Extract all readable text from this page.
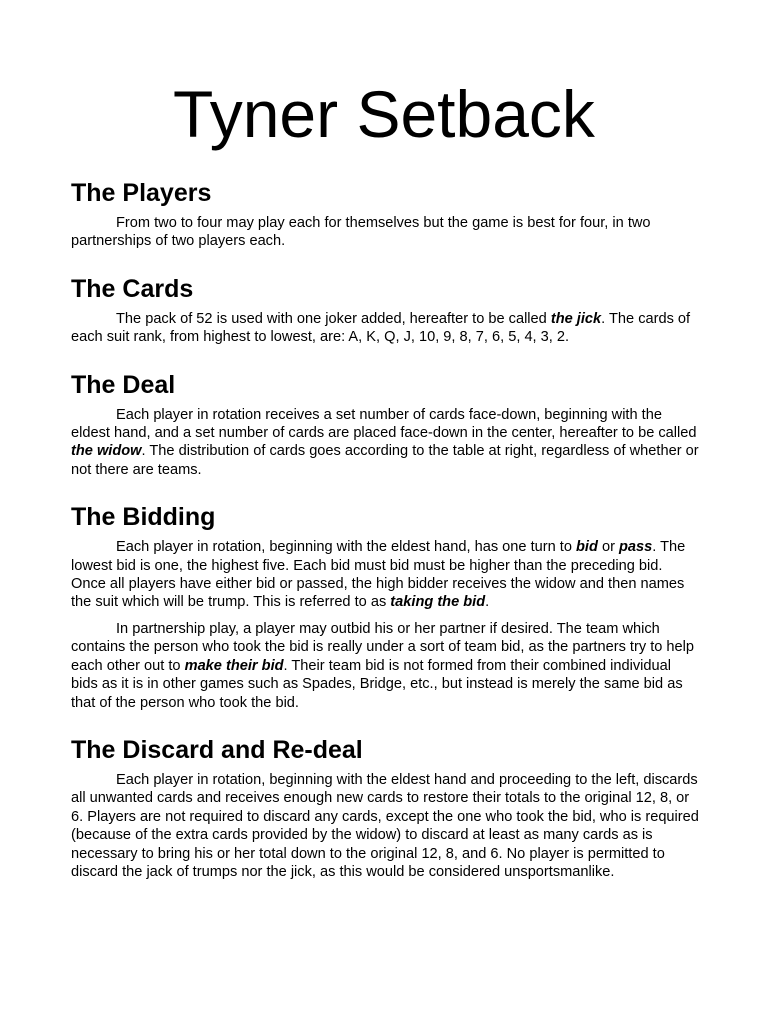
Tyner Setback
The Players

From two to four may play each for themselves but the game is best for four, in two partnerships of two players each.

The Cards

The pack of 52 is used with one joker added, hereafter to be called the jick. The cards of each suit rank, from highest to lowest, are: A, K, Q, J, 10, 9, 8, 7, 6, 5, 4, 3, 2.

The Deal

Each player in rotation receives a set number of cards face-down, beginning with the eldest hand, and a set number of cards are placed face-down in the center, hereafter to be called the widow. The distribution of cards goes according to the table at right, regardless of whether or not there are teams.

The Bidding

Each player in rotation, beginning with the eldest hand, has one turn to bid or pass. The lowest bid is one, the highest five. Each bid must bid must be higher than the preceding bid. Once all players have either bid or passed, the high bidder receives the widow and then names the suit which will be trump. This is referred to as taking the bid.

In partnership play, a player may outbid his or her partner if desired. The team which contains the person who took the bid is really under a sort of team bid, as the partners try to help each other out to make their bid. Their team bid is not formed from their combined individual bids as it is in other games such as Spades, Bridge, etc., but instead is merely the same bid as that of the person who took the bid.

The Discard and Re-deal

Each player in rotation, beginning with the eldest hand and proceeding to the left, discards all unwanted cards and receives enough new cards to restore their totals to the original 12, 8, or 6. Players are not required to discard any cards, except the one who took the bid, who is required (because of the extra cards provided by the widow) to discard at least as many cards as is necessary to bring his or her total down to the original 12, 8, and 6. No player is permitted to discard the jack of trumps nor the jick, as this would be considered unsportsmanlike.
